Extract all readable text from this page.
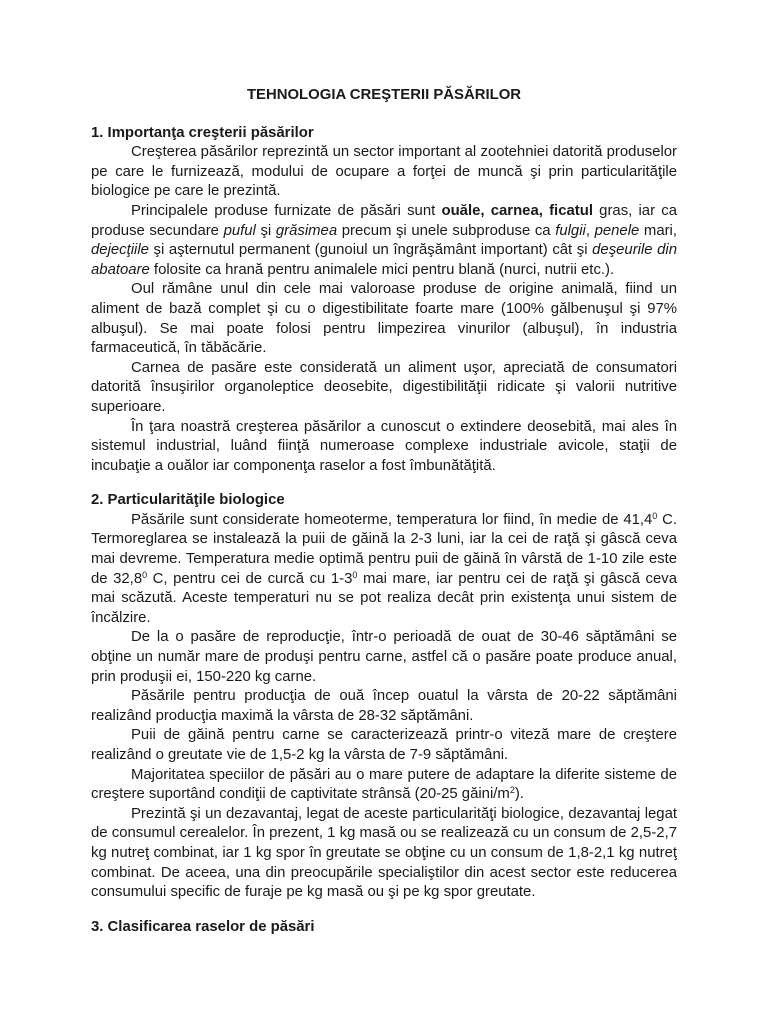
TEHNOLOGIA CREŞTERII PĂSĂRILOR
1. Importanţa creşterii păsărilor

Creşterea păsărilor reprezintă un sector important al zootehniei datorită produselor pe care le furnizează, modului de ocupare a forţei de muncă şi prin particularităţile biologice pe care le prezintă.

Principalele produse furnizate de păsări sunt ouăle, carnea, ficatul gras, iar ca produse secundare puful şi grăsimea precum şi unele subproduse ca fulgii, penele mari, dejecţiile şi aşternutul permanent (gunoiul un îngrăşământ important) cât şi deşeurile din abatoare folosite ca hrană pentru animalele mici pentru blană (nurci, nutrii etc.).

Oul rămâne unul din cele mai valoroase produse de origine animală, fiind un aliment de bază complet şi cu o digestibilitate foarte mare (100% gălbenuşul şi 97% albuşul). Se mai poate folosi pentru limpezirea vinurilor (albuşul), în industria farmaceutică, în tăbăcărie.

Carnea de pasăre este considerată un aliment uşor, apreciată de consumatori datorită însuşirilor organoleptice deosebite, digestibilităţii ridicate şi valorii nutritive superioare.

În ţara noastră creşterea păsărilor a cunoscut o extindere deosebită, mai ales în sistemul industrial, luând fiinţă numeroase complexe industriale avicole, staţii de incubaţie a ouălor iar componenţa raselor a fost îmbunătăţită.

2. Particularităţile biologice

Păsările sunt considerate homeoterme, temperatura lor fiind, în medie de 41,4$^0$ C. Termoreglarea se instalează la puii de găină la 2-3 luni, iar la cei de raţă şi gâscă ceva mai devreme. Temperatura medie optimă pentru puii de găină în vârstă de 1-10 zile este de 32,8$^0$ C, pentru cei de curcă cu $1-3^0$ mai mare, iar pentru cei de raţă şi gâscă ceva mai scăzută. Aceste temperaturi nu se pot realiza decât prin existenţa unui sistem de încălzire.

De la o pasăre de reproducţie, într-o perioadă de ouat de 30-46 săptămâni se obţine un număr mare de produşi pentru carne, astfel că o pasăre poate produce anual, prin produşii ei, 150-220 kg carne.

Păsările pentru producţia de ouă încep ouatul la vârsta de 20-22 săptămâni realizând producţia maximă la vârsta de 28-32 săptămâni.

Puii de găină pentru carne se caracterizează printr-o viteză mare de creştere realizând o greutate vie de 1,5-2 kg la vârsta de 7-9 săptămâni.

Majoritatea speciilor de păsări au o mare putere de adaptare la diferite sisteme de creştere suportând condiţii de captivitate strânsă (20-25 găini/$m^2$).

Prezintă şi un dezavantaj, legat de aceste particularităţi biologice, dezavantaj legat de consumul cerealelor. În prezent, 1 kg masă ou se realizează cu un consum de 2,5-2,7 kg nutreţ combinat, iar 1 kg spor în greutate se obţine cu un consum de 1,8-2,1 kg nutreţ combinat. De aceea, una din preocupările specialiştilor din acest sector este reducerea consumului specific de furaje pe kg masă ou şi pe kg spor greutate.

3. Clasificarea raselor de păsări
